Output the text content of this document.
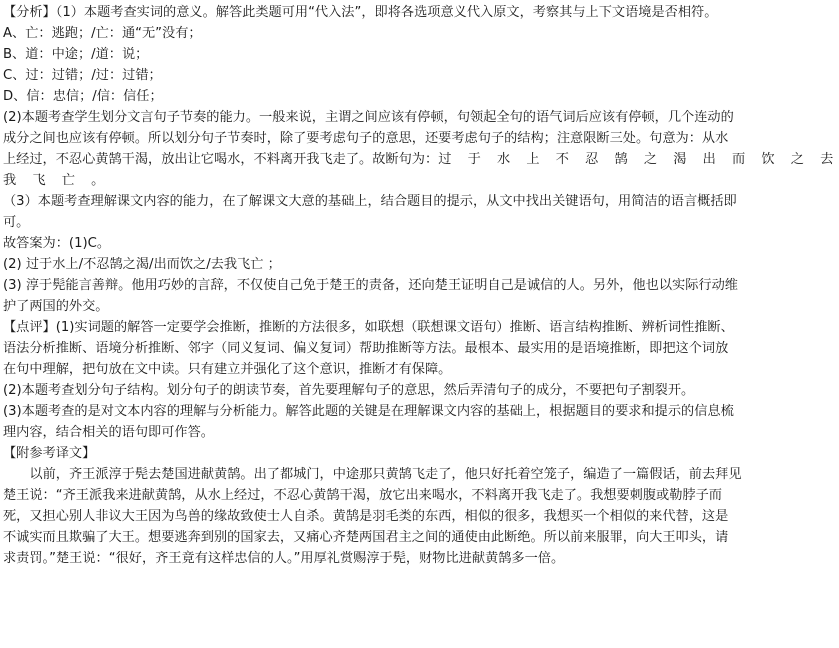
【分析】（1）本题考查实词的意义。解答此类题可用“代入法”，即将各选项意义代入原文，考察其与上下文语境是否相符。
A、亡：逃跑；/亡：通“无”没有；
B、道：中途；/道：说；
C、过：过错；/过：过错；
D、信：忠信；/信：信任；
(2)本题考查学生划分文言句子节奏的能力。一般来说，主谓之间应该有停顿，句领起全句的语气词后应该有停顿，几个连动的
成分之间也应该有停顿。所以划分句子节奏时，除了要考虑句子的意思，还要考虑句子的结构；注意限断三处。句意为：从水
上经过，不忍心黄鹄干渴，放出让它喝水，不料离开我飞走了。故断句为：过 于 水 上 不 忍 鹄 之 渴 出 而 饮 之 去
我 飞 亡 。
（3）本题考查理解课文内容的能力，在了解课文大意的基础上，结合题目的提示，从文中找出关键语句，用简洁的语言概括即
可。
故答案为：(1)C。
(2) 过于水上/不忍鹄之渴/出而饮之/去我飞亡 ；
(3) 淳于髡能言善辩。他用巧妙的言辞，不仅使自己免于楚王的责备，还向楚王证明自己是诚信的人。另外，他也以实际行动维
护了两国的外交。
【点评】(1)实词题的解答一定要学会推断，推断的方法很多，如联想（联想课文语句）推断、语言结构推断、辨析词性推断、
语法分析推断、语境分析推断、邻字（同义复词、偏义复词）帮助推断等方法。最根本、最实用的是语境推断，即把这个词放
在句中理解，把句放在文中读。只有建立并强化了这个意识，推断才有保障。
(2)本题考查划分句子结构。划分句子的朗读节奏，首先要理解句子的意思，然后弄清句子的成分，不要把句子割裂开。
(3)本题考查的是对文本内容的理解与分析能力。解答此题的关键是在理解课文内容的基础上，根据题目的要求和提示的信息梳
理内容，结合相关的语句即可作答。
【附参考译文】
以前，齐王派淳于髡去楚国进献黄鹄。出了都城门，中途那只黄鹄飞走了，他只好托着空笼子，编造了一篇假话，前去拜见
楚王说：“齐王派我来进献黄鹄，从水上经过，不忍心黄鹄干渴，放它出来喝水，不料离开我飞走了。我想要刺腹或勒脖子而
死，又担心别人非议大王因为鸟兽的缘故致使士人自杀。黄鹄是羽毛类的东西，相似的很多，我想买一个相似的来代替，这是
不诚实而且欺骗了大王。想要逃奔到别的国家去，又痛心齐楚两国君主之间的通使由此断绝。所以前来服罪，向大王叩头，请
求责罚。”楚王说：“很好，齐王竟有这样忠信的人。”用厚礼赏赐淳于髡，财物比进献黄鹄多一倍。
